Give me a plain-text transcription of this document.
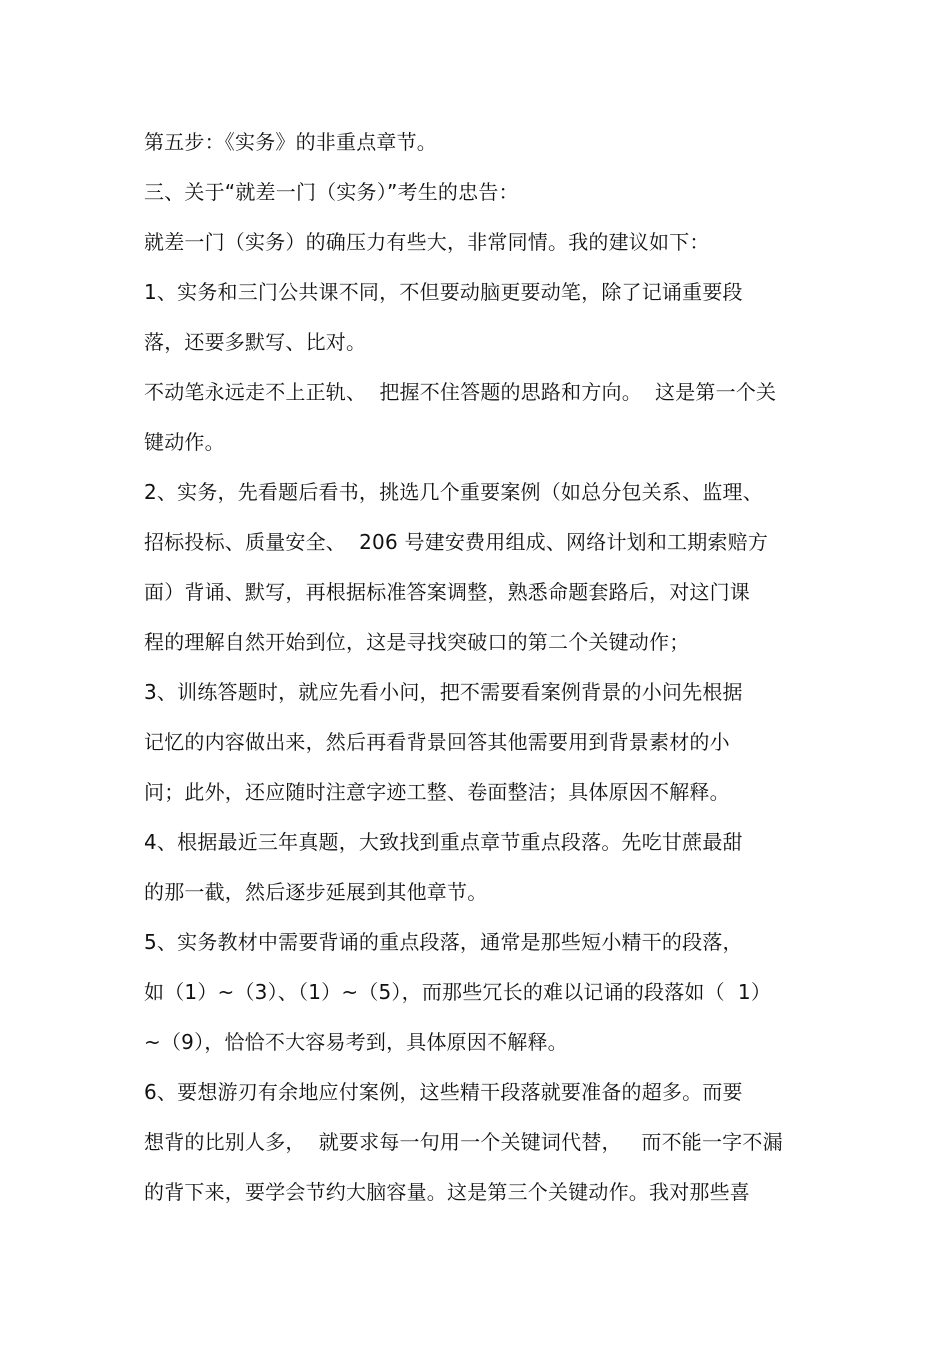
第五步：《实务》的非重点章节。
三、关于“就差一门（实务）”考生的忠告：
就差一门（实务）的确压力有些大，非常同情。我的建议如下：
1、实务和三门公共课不同，不但要动脑更要动笔，除了记诵重要段
落，还要多默写、比对。
不动笔永远走不上正轨、  把握不住答题的思路和方向。  这是第一个关
键动作。
2、实务，先看题后看书，挑选几个重要案例（如总分包关系、监理、
招标投标、质量安全、  206 号建安费用组成、网络计划和工期索赔方
面）背诵、默写，再根据标准答案调整，熟悉命题套路后，对这门课
程的理解自然开始到位，这是寻找突破口的第二个关键动作；
3、训练答题时，就应先看小问，把不需要看案例背景的小问先根据
记忆的内容做出来，然后再看背景回答其他需要用到背景素材的小
问；此外，还应随时注意字迹工整、卷面整洁；具体原因不解释。
4、根据最近三年真题，大致找到重点章节重点段落。先吃甘蔗最甜
的那一截，然后逐步延展到其他章节。
5、实务教材中需要背诵的重点段落，通常是那些短小精干的段落，
如（1）~（3）、（1）~（5），而那些冗长的难以记诵的段落如（  1）
~（9），恰恰不大容易考到，具体原因不解释。
6、要想游刃有余地应付案例，这些精干段落就要准备的超多。而要
想背的比别人多，  就要求每一句用一个关键词代替，   而不能一字不漏
的背下来，要学会节约大脑容量。这是第三个关键动作。我对那些喜
